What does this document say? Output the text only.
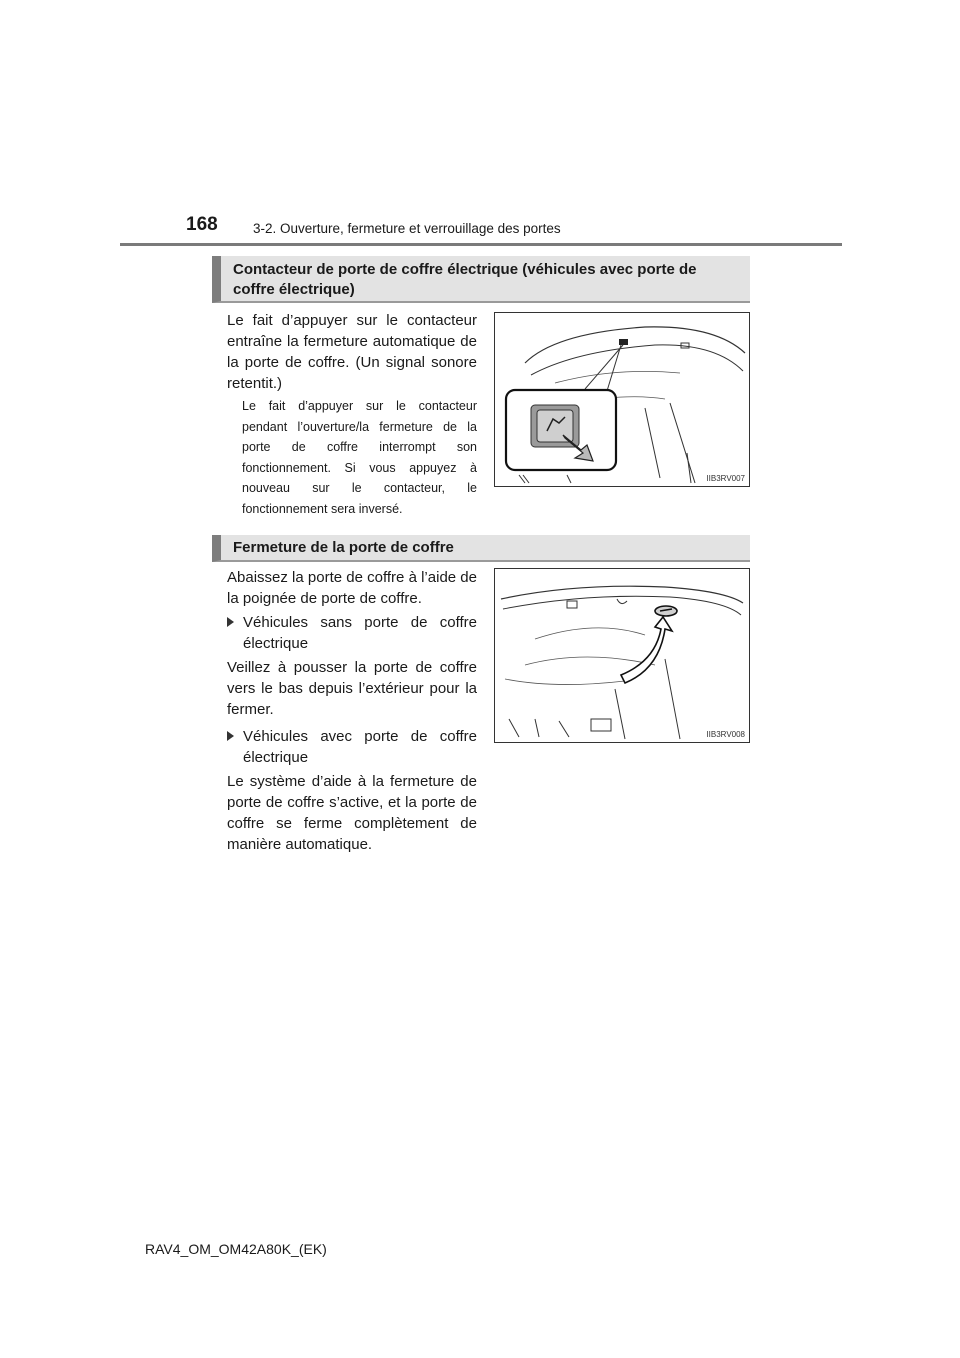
168	3-2. Ouverture, fermeture et verrouillage des portes
Contacteur de porte de coffre électrique (véhicules avec porte de coffre électrique)
Le fait d’appuyer sur le contacteur entraîne la fermeture automatique de la porte de coffre. (Un signal sonore retentit.)
Le fait d’appuyer sur le contacteur pendant l’ouverture/la fermeture de la porte de coffre interrompt son fonctionnement. Si vous appuyez à nouveau sur le contacteur, le fonctionnement sera inversé.
IIB3RV007
Fermeture de la porte de coffre
Abaissez la porte de coffre à l’aide de la poignée de porte de coffre.
Véhicules sans porte de coffre électrique
Veillez à pousser la porte de coffre vers le bas depuis l’extérieur pour la fermer.
Véhicules avec porte de coffre électrique
Le système d’aide à la fermeture de porte de coffre s’active, et la porte de coffre se ferme complètement de manière automatique.
IIB3RV008
RAV4_OM_OM42A80K_(EK)
